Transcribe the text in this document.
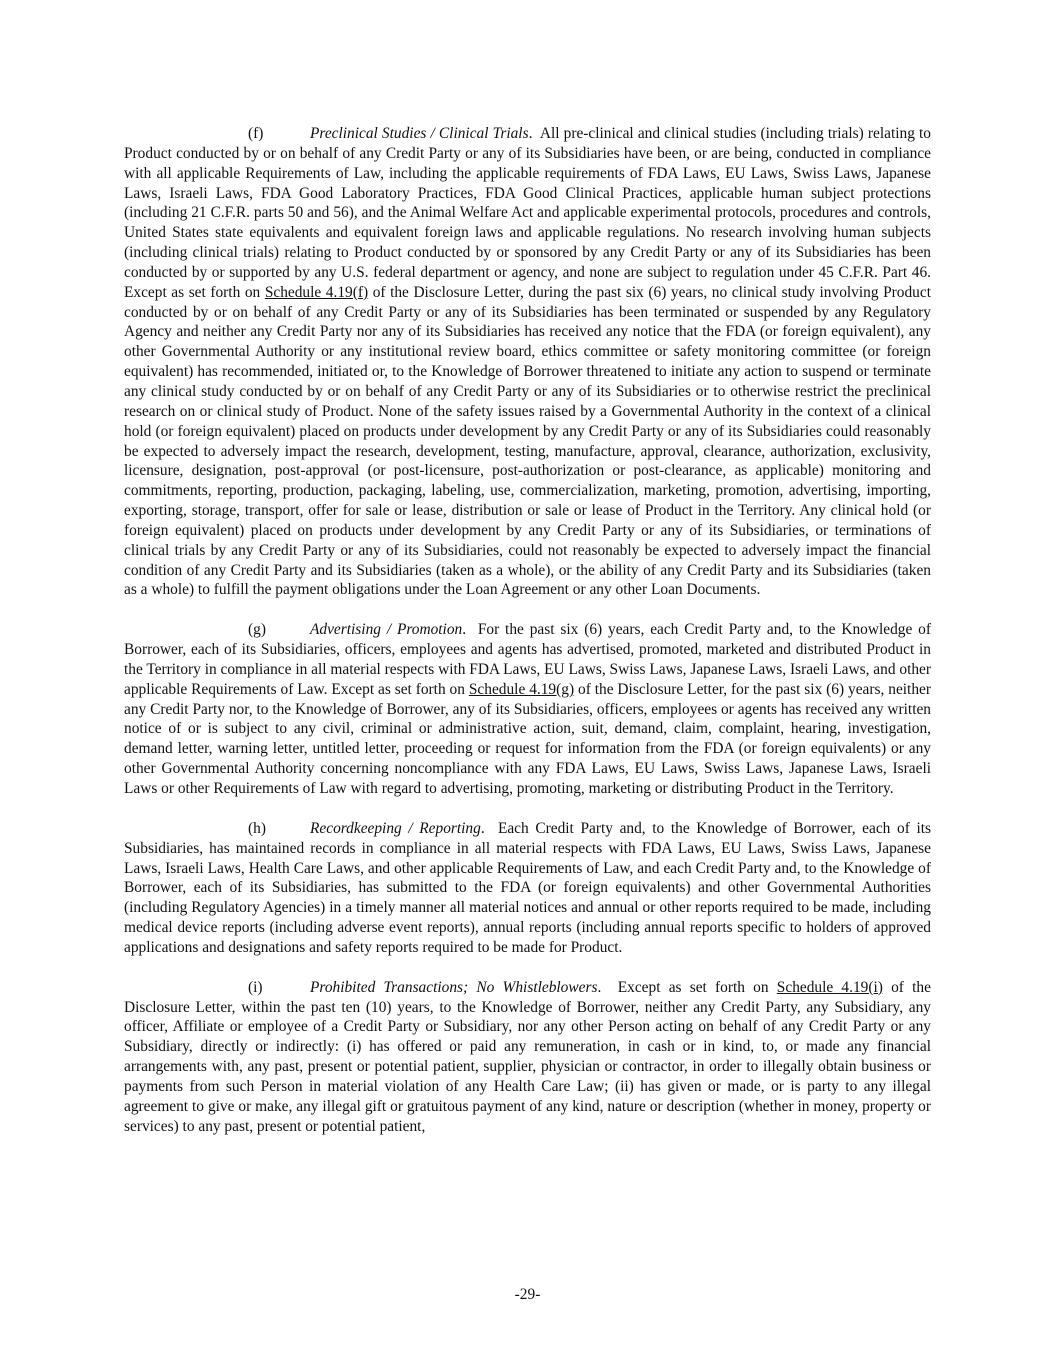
(f)	Preclinical Studies / Clinical Trials.  All pre-clinical and clinical studies (including trials) relating to Product conducted by or on behalf of any Credit Party or any of its Subsidiaries have been, or are being, conducted in compliance with all applicable Requirements of Law, including the applicable requirements of FDA Laws, EU Laws, Swiss Laws, Japanese Laws, Israeli Laws, FDA Good Laboratory Practices, FDA Good Clinical Practices, applicable human subject protections (including 21 C.F.R. parts 50 and 56), and the Animal Welfare Act and applicable experimental protocols, procedures and controls, United States state equivalents and equivalent foreign laws and applicable regulations. No research involving human subjects (including clinical trials) relating to Product conducted by or sponsored by any Credit Party or any of its Subsidiaries has been conducted by or supported by any U.S. federal department or agency, and none are subject to regulation under 45 C.F.R. Part 46. Except as set forth on Schedule 4.19(f) of the Disclosure Letter, during the past six (6) years, no clinical study involving Product conducted by or on behalf of any Credit Party or any of its Subsidiaries has been terminated or suspended by any Regulatory Agency and neither any Credit Party nor any of its Subsidiaries has received any notice that the FDA (or foreign equivalent), any other Governmental Authority or any institutional review board, ethics committee or safety monitoring committee (or foreign equivalent) has recommended, initiated or, to the Knowledge of Borrower threatened to initiate any action to suspend or terminate any clinical study conducted by or on behalf of any Credit Party or any of its Subsidiaries or to otherwise restrict the preclinical research on or clinical study of Product. None of the safety issues raised by a Governmental Authority in the context of a clinical hold (or foreign equivalent) placed on products under development by any Credit Party or any of its Subsidiaries could reasonably be expected to adversely impact the research, development, testing, manufacture, approval, clearance, authorization, exclusivity, licensure, designation, post-approval (or post-licensure, post-authorization or post-clearance, as applicable) monitoring and commitments, reporting, production, packaging, labeling, use, commercialization, marketing, promotion, advertising, importing, exporting, storage, transport, offer for sale or lease, distribution or sale or lease of Product in the Territory. Any clinical hold (or foreign equivalent) placed on products under development by any Credit Party or any of its Subsidiaries, or terminations of clinical trials by any Credit Party or any of its Subsidiaries, could not reasonably be expected to adversely impact the financial condition of any Credit Party and its Subsidiaries (taken as a whole), or the ability of any Credit Party and its Subsidiaries (taken as a whole) to fulfill the payment obligations under the Loan Agreement or any other Loan Documents.

(g)	Advertising / Promotion.  For the past six (6) years, each Credit Party and, to the Knowledge of Borrower, each of its Subsidiaries, officers, employees and agents has advertised, promoted, marketed and distributed Product in the Territory in compliance in all material respects with FDA Laws, EU Laws, Swiss Laws, Japanese Laws, Israeli Laws, and other applicable Requirements of Law. Except as set forth on Schedule 4.19(g) of the Disclosure Letter, for the past six (6) years, neither any Credit Party nor, to the Knowledge of Borrower, any of its Subsidiaries, officers, employees or agents has received any written notice of or is subject to any civil, criminal or administrative action, suit, demand, claim, complaint, hearing, investigation, demand letter, warning letter, untitled letter, proceeding or request for information from the FDA (or foreign equivalents) or any other Governmental Authority concerning noncompliance with any FDA Laws, EU Laws, Swiss Laws, Japanese Laws, Israeli Laws or other Requirements of Law with regard to advertising, promoting, marketing or distributing Product in the Territory.

(h)	Recordkeeping / Reporting.  Each Credit Party and, to the Knowledge of Borrower, each of its Subsidiaries, has maintained records in compliance in all material respects with FDA Laws, EU Laws, Swiss Laws, Japanese Laws, Israeli Laws, Health Care Laws, and other applicable Requirements of Law, and each Credit Party and, to the Knowledge of Borrower, each of its Subsidiaries, has submitted to the FDA (or foreign equivalents) and other Governmental Authorities (including Regulatory Agencies) in a timely manner all material notices and annual or other reports required to be made, including medical device reports (including adverse event reports), annual reports (including annual reports specific to holders of approved applications and designations and safety reports required to be made for Product.

(i)	Prohibited Transactions; No Whistleblowers.  Except as set forth on Schedule 4.19(i) of the Disclosure Letter, within the past ten (10) years, to the Knowledge of Borrower, neither any Credit Party, any Subsidiary, any officer, Affiliate or employee of a Credit Party or Subsidiary, nor any other Person acting on behalf of any Credit Party or any Subsidiary, directly or indirectly: (i) has offered or paid any remuneration, in cash or in kind, to, or made any financial arrangements with, any past, present or potential patient, supplier, physician or contractor, in order to illegally obtain business or payments from such Person in material violation of any Health Care Law; (ii) has given or made, or is party to any illegal agreement to give or make, any illegal gift or gratuitous payment of any kind, nature or description (whether in money, property or services) to any past, present or potential patient,

-29-
